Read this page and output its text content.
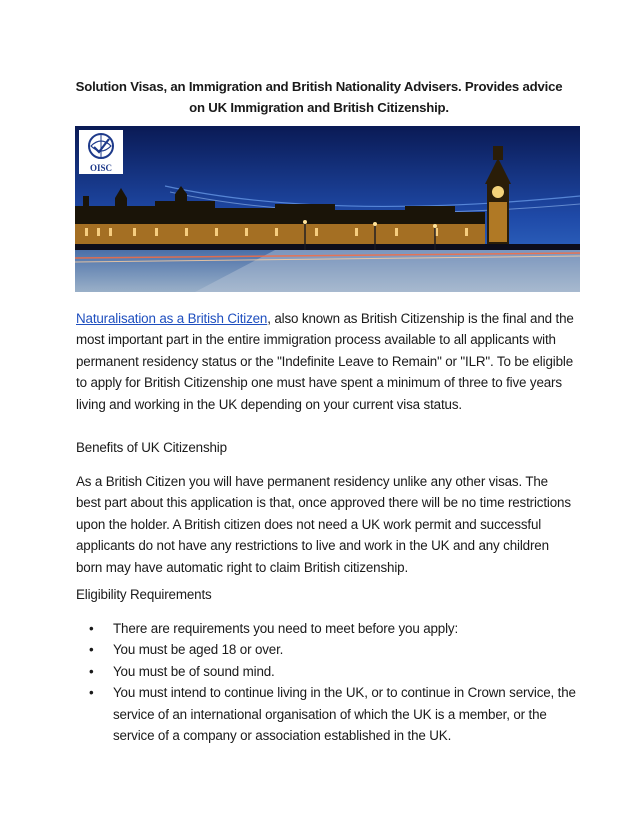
Solution Visas, an Immigration and British Nationality Advisers. Provides advice
on UK Immigration and British Citizenship.
OISC
Naturalisation as a British Citizen, also known as British Citizenship is the final and the most important part in the entire immigration process available to all applicants with permanent residency status or the "Indefinite Leave to Remain" or "ILR". To be eligible to apply for British Citizenship one must have spent a minimum of three to five years living and working in the UK depending on your current visa status.
Benefits of UK Citizenship
As a British Citizen you will have permanent residency unlike any other visas. The best part about this application is that, once approved there will be no time restrictions upon the holder. A British citizen does not need a UK work permit and successful applicants do not have any restrictions to live and work in the UK and any children born may have automatic right to claim British citizenship.
Eligibility Requirements
• There are requirements you need to meet before you apply:
• You must be aged 18 or over.
• You must be of sound mind.
• You must intend to continue living in the UK, or to continue in Crown service, the service of an international organisation of which the UK is a member, or the service of a company or association established in the UK.
